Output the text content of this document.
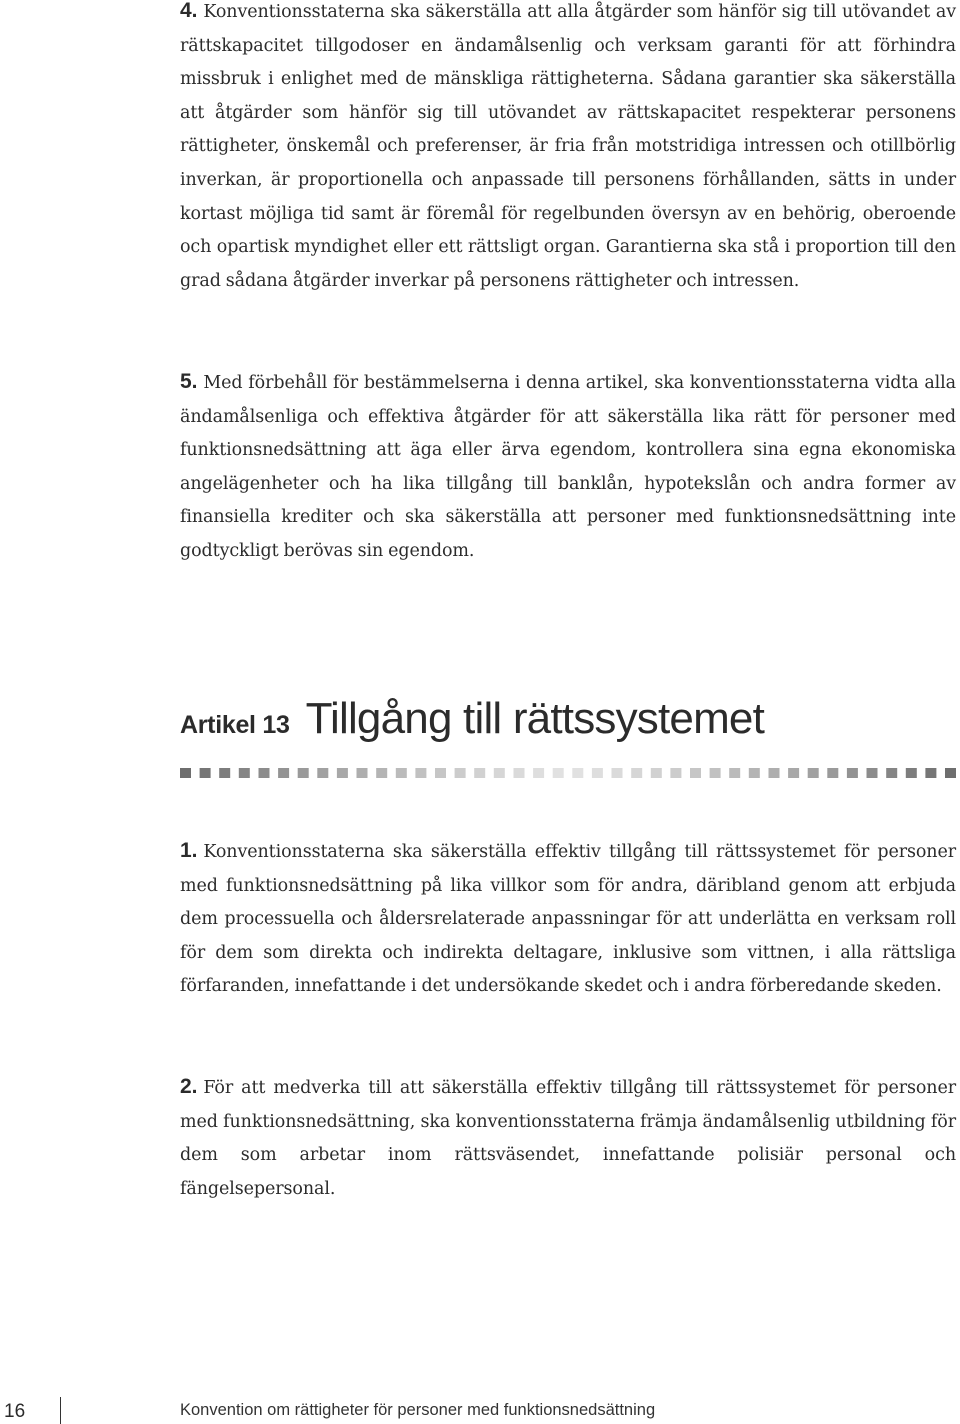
4. Konventionsstaterna ska säkerställa att alla åtgärder som hänför sig till utövandet av rättskapacitet tillgodoser en ändamålsenlig och verksam garanti för att förhindra missbruk i enlighet med de mänskliga rättigheterna. Sådana garantier ska säkerställa att åtgärder som hänför sig till utövandet av rättskapacitet respekterar personens rättigheter, önskemål och preferenser, är fria från motstridiga intressen och otillbörlig inverkan, är proportionella och anpassade till personens förhållanden, sätts in under kortast möjliga tid samt är föremål för regelbunden översyn av en behörig, oberoende och opartisk myndighet eller ett rättsligt organ. Garantierna ska stå i proportion till den grad sådana åtgärder inverkar på personens rättigheter och intressen.

5. Med förbehåll för bestämmelserna i denna artikel, ska konventionsstaterna vidta alla ändamålsenliga och effektiva åtgärder för att säkerställa lika rätt för personer med funktionsnedsättning att äga eller ärva egendom, kontrollera sina egna ekonomiska angelägenheter och ha lika tillgång till banklån, hypotekslån och andra former av finansiella krediter och ska säkerställa att personer med funktionsnedsättning inte godtyckligt berövas sin egendom.

Artikel 13 Tillgång till rättssystemet

1. Konventionsstaterna ska säkerställa effektiv tillgång till rättssystemet för personer med funktionsnedsättning på lika villkor som för andra, däribland genom att erbjuda dem processuella och åldersrelaterade anpassningar för att underlätta en verksam roll för dem som direkta och indirekta deltagare, inklusive som vittnen, i alla rättsliga förfaranden, innefattande i det undersökande skedet och i andra förberedande skeden.

2. För att medverka till att säkerställa effektiv tillgång till rättssystemet för personer med funktionsnedsättning, ska konventionsstaterna främja ändamålsenlig utbildning för dem som arbetar inom rättsväsendet, innefattande polisiär personal och fängelsepersonal.

16	Konvention om rättigheter för personer med funktionsnedsättning
